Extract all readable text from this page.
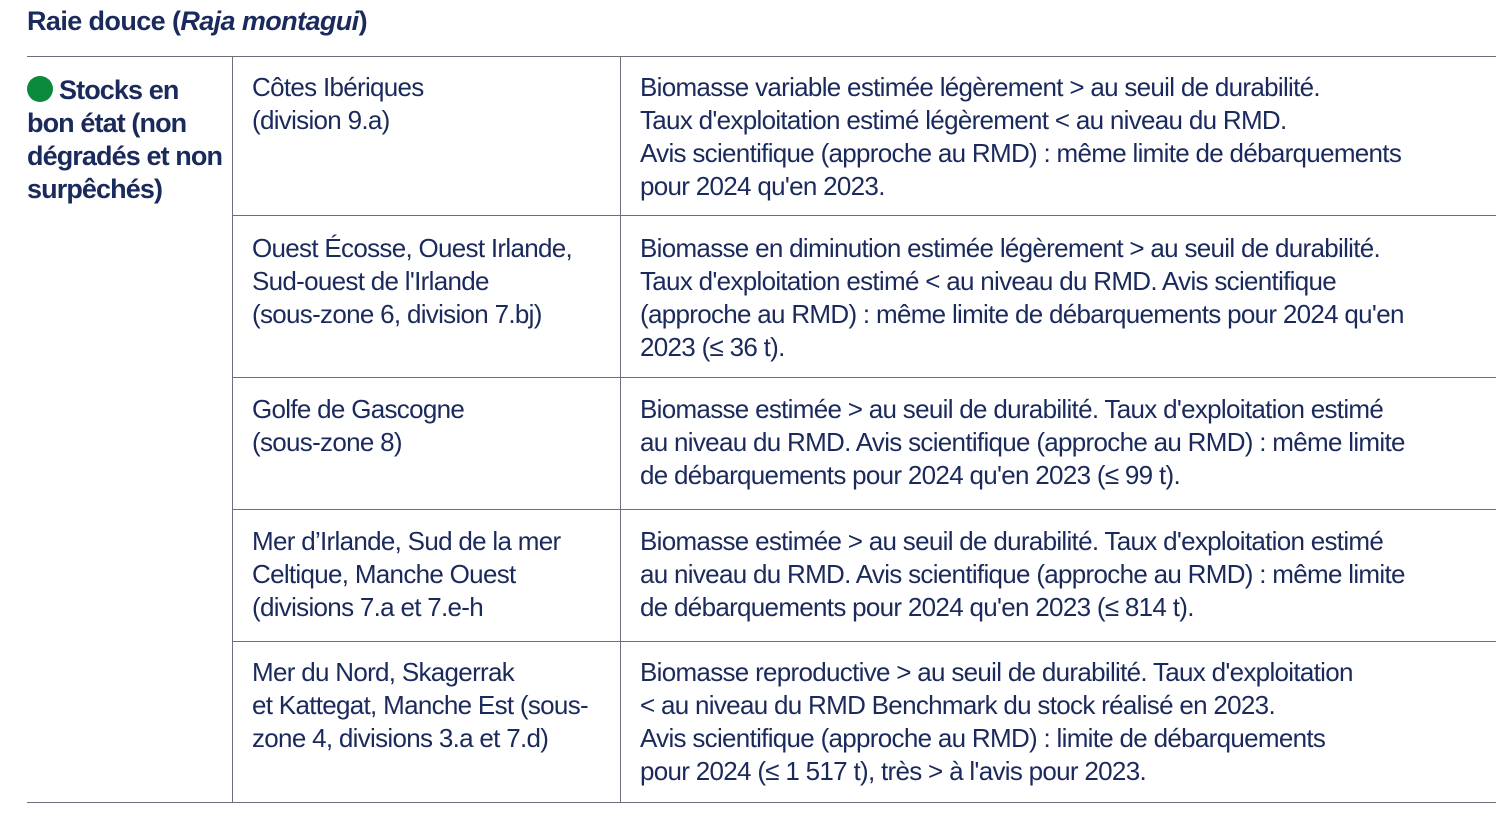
Raie douce (Raja montagui)
Stocks en bon état (non dégradés et non surpêchés)
Côtes Ibériques
(division 9.a)
Biomasse variable estimée légèrement > au seuil de durabilité.
Taux d'exploitation estimé légèrement < au niveau du RMD.
Avis scientifique (approche au RMD) : même limite de débarquements
pour 2024 qu'en 2023.
Ouest Écosse, Ouest Irlande,
Sud-ouest de l'Irlande
(sous-zone 6, division 7.bj)
Biomasse en diminution estimée légèrement > au seuil de durabilité.
Taux d'exploitation estimé < au niveau du RMD. Avis scientifique
(approche au RMD) : même limite de débarquements pour 2024 qu'en
2023 (≤ 36 t).
Golfe de Gascogne
(sous-zone 8)
Biomasse estimée > au seuil de durabilité. Taux d'exploitation estimé
au niveau du RMD. Avis scientifique (approche au RMD) : même limite
de débarquements pour 2024 qu'en 2023 (≤ 99 t).
Mer d’Irlande, Sud de la mer
Celtique, Manche Ouest
(divisions 7.a et 7.e-h
Biomasse estimée > au seuil de durabilité. Taux d'exploitation estimé
au niveau du RMD. Avis scientifique (approche au RMD) : même limite
de débarquements pour 2024 qu'en 2023 (≤ 814 t).
Mer du Nord, Skagerrak
et Kattegat, Manche Est (sous-
zone 4, divisions 3.a et 7.d)
Biomasse reproductive > au seuil de durabilité. Taux d'exploitation
< au niveau du RMD Benchmark du stock réalisé en 2023.
Avis scientifique (approche au RMD) : limite de débarquements
pour 2024 (≤ 1 517 t), très > à l'avis pour 2023.
